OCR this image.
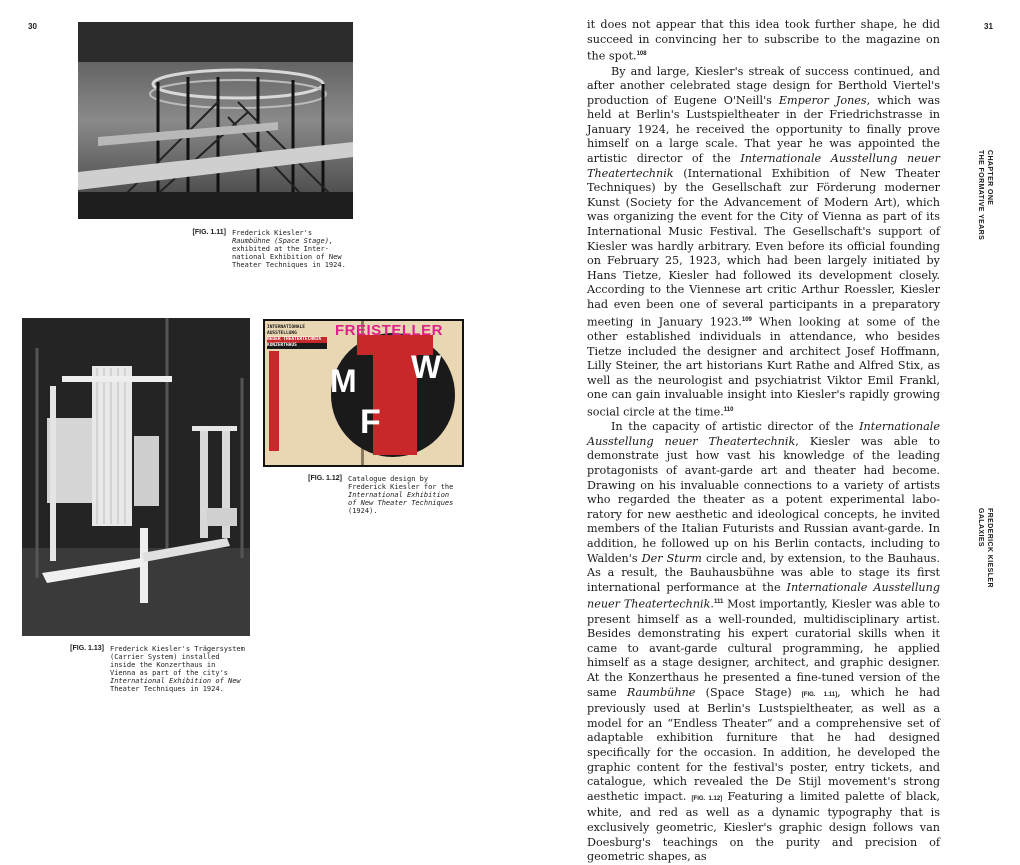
30	31
CHAPTER ONE
THE FORMATIVE YEARS
FREDERICK KIESLER
GALAXIES
[FIG. 1.11] Frederick Kiesler's
Raumbühne (Space Stage),
exhibited at the Inter-
national Exhibition of New
Theater Techniques in 1924.
[FIG. 1.13] Frederick Kiesler's Trägersystem
(Carrier System) installed
inside the Konzerthaus in
Vienna as part of the city's
International Exhibition of New
Theater Techniques in 1924.
INTERNATIONALE AUSSTELLUNG
NEUER THEATERTECHNIK
KONZERTHAUS
M W
F
FREISTELLER
[FIG. 1.12] Catalogue design by
Frederick Kiesler for the
International Exhibition
of New Theater Techniques
(1924).

it does not appear that this idea took further shape, he did succeed in convincing her to subscribe to the magazine on the spot.$^{108}$

By and large, Kiesler's streak of success continued, and after another celebrated stage design for Berthold Viertel's production of Eugene O'Neill's Emperor Jones, which was held at Berlin's Lustspieltheater in der Friedrichstrasse in January 1924, he received the opportunity to finally prove himself on a large scale. That year he was appointed the artistic director of the Internationale Ausstellung neuer Theatertechnik (International Exhibition of New Theater Techniques) by the Gesellschaft zur Förderung moderner Kunst (Society for the Advancement of Modern Art), which was organizing the event for the City of Vienna as part of its International Music Festival. The Gesellschaft's support of Kiesler was hardly arbitrary. Even before its official founding on February 25, 1923, which had been largely initiated by Hans Tietze, Kiesler had followed its development closely. According to the Viennese art critic Arthur Roessler, Kiesler had even been one of several participants in a preparatory meeting in January 1923.$^{109}$ When looking at some of the other established individuals in attendance, who besides Tietze included the designer and architect Josef Hoffmann, Lilly Steiner, the art historians Kurt Rathe and Alfred Stix, as well as the neurologist and psychiatrist Viktor Emil Frankl, one can gain invaluable insight into Kiesler's rapidly growing social circle at the time.$^{110}$

In the capacity of artistic director of the Internationale Ausstellung neuer Theatertechnik, Kiesler was able to demonstrate just how vast his knowledge of the leading protagonists of avant-garde art and theater had become. Drawing on his invaluable connections to a variety of artists who regarded the theater as a potent experimental laboratory for new aesthetic and ideological concepts, he invited members of the Italian Futurists and Russian avant-garde. In addition, he followed up on his Berlin contacts, including to Walden's Der Sturm circle and, by extension, to the Bauhaus. As a result, the Bauhausbühne was able to stage its first international performance at the Internationale Ausstellung neuer Theatertechnik.$^{111}$ Most importantly, Kiesler was able to present himself as a well-rounded, multidisciplinary artist. Besides demonstrating his expert curatorial skills when it came to avant-garde cultural programming, he applied himself as a stage designer, architect, and graphic designer. At the Konzerthaus he presented a fine-tuned version of the same Raumbühne (Space Stage) [FIG. 1.11], which he had previously used at Berlin's Lustspieltheater, as well as a model for an “Endless Theater” and a comprehensive set of adaptable exhibition furniture that he had designed specifically for the occasion. In addition, he developed the graphic content for the festival's poster, entry tickets, and catalogue, which revealed the De Stijl movement's strong aesthetic impact. [FIG. 1.12] Featuring a limited palette of black, white, and red as well as a dynamic typography that is exclusively geometric, Kiesler's graphic design follows van Doesburg's teachings on the purity and precision of geometric shapes, as
